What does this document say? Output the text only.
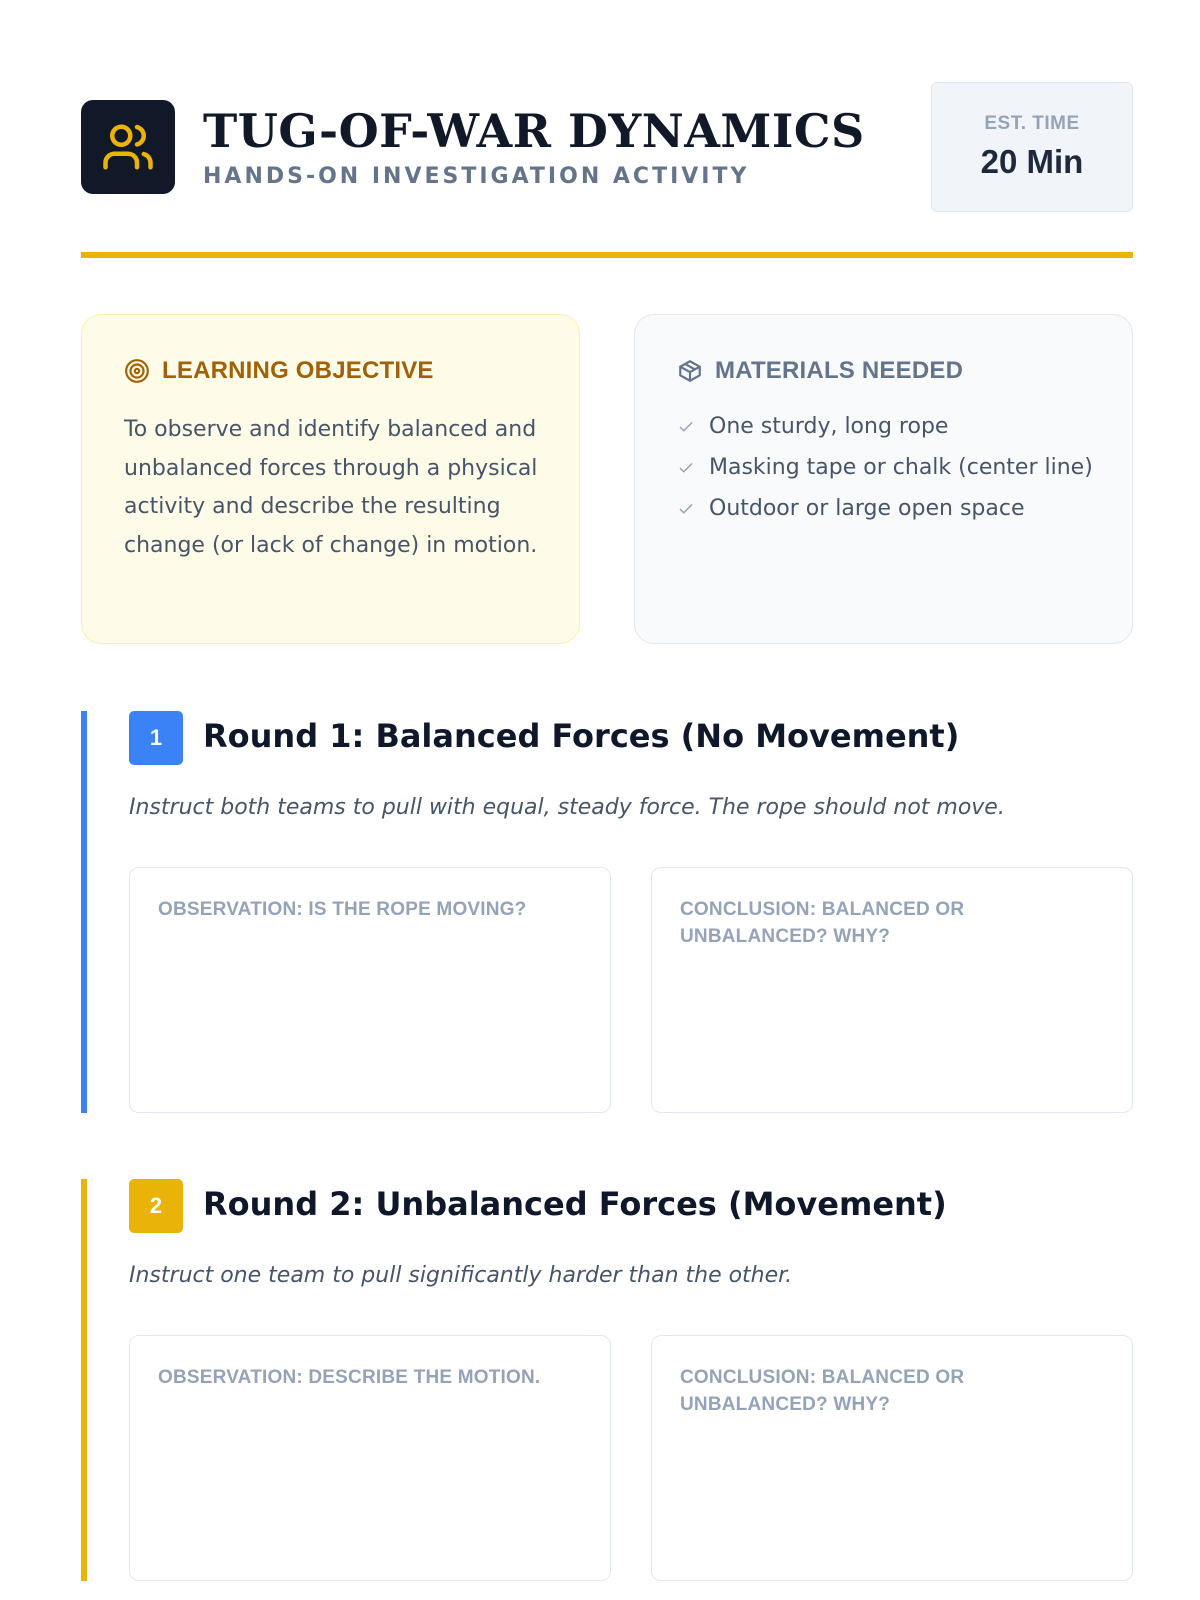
TUG-OF-WAR DYNAMICS
HANDS-ON INVESTIGATION ACTIVITY
EST. TIME
20 Min
LEARNING OBJECTIVE
To observe and identify balanced and unbalanced forces through a physical activity and describe the resulting change (or lack of change) in motion.
MATERIALS NEEDED
One sturdy, long rope
Masking tape or chalk (center line)
Outdoor or large open space
1	Round 1: Balanced Forces (No Movement)
Instruct both teams to pull with equal, steady force. The rope should not move.
OBSERVATION: IS THE ROPE MOVING?	CONCLUSION: BALANCED OR UNBALANCED? WHY?
2	Round 2: Unbalanced Forces (Movement)
Instruct one team to pull significantly harder than the other.
OBSERVATION: DESCRIBE THE MOTION.	CONCLUSION: BALANCED OR UNBALANCED? WHY?
